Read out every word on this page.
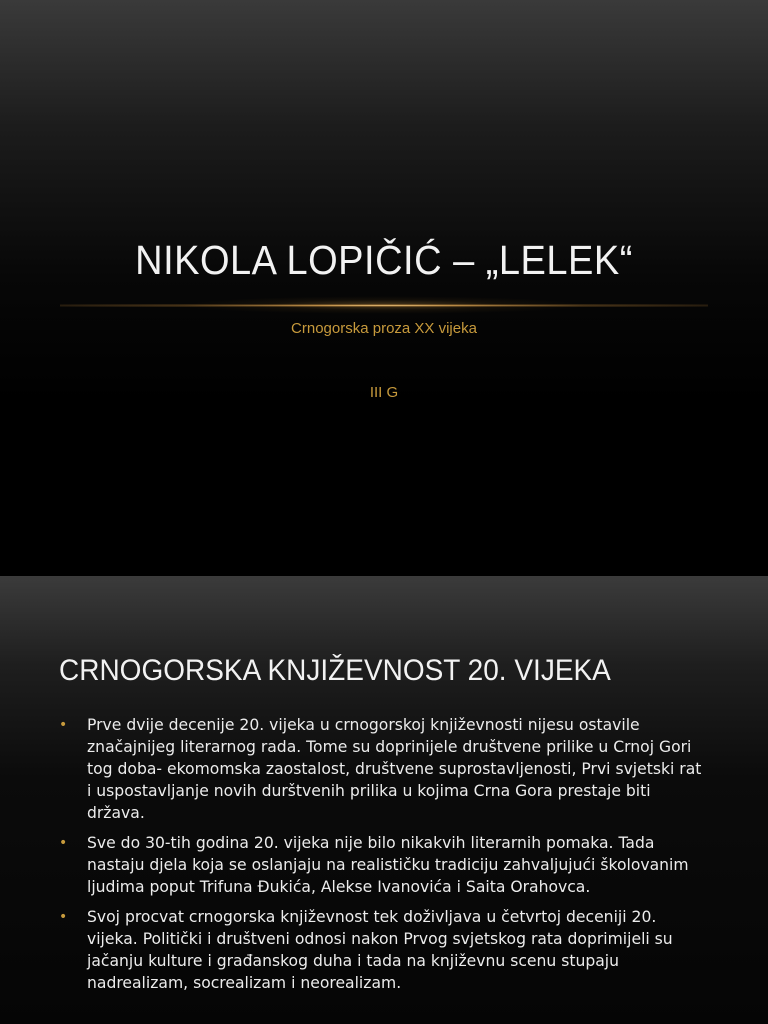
NIKOLA LOPIČIĆ – „LELEK“
Crnogorska proza XX vijeka
III G
CRNOGORSKA KNJIŽEVNOST 20. VIJEKA
• Prve dvije decenije 20. vijeka u crnogorskoj književnosti nijesu ostavile značajnijeg literarnog rada. Tome su doprinijele društvene prilike u Crnoj Gori tog doba- ekomomska zaostalost, društvene suprostavljenosti, Prvi svjetski rat i uspostavljanje novih durštvenih prilika u kojima Crna Gora prestaje biti država.
• Sve do 30-tih godina 20. vijeka nije bilo nikakvih literarnih pomaka. Tada nastaju djela koja se oslanjaju na realističku tradiciju zahvaljujući školovanim ljudima poput Trifuna Đukića, Alekse Ivanovića i Saita Orahovca.
• Svoj procvat crnogorska književnost tek doživljava u četvrtoj deceniji 20. vijeka. Politički i društveni odnosi nakon Prvog svjetskog rata doprimijeli su jačanju kulture i građanskog duha i tada na književnu scenu stupaju nadrealizam, socrealizam i neorealizam.
